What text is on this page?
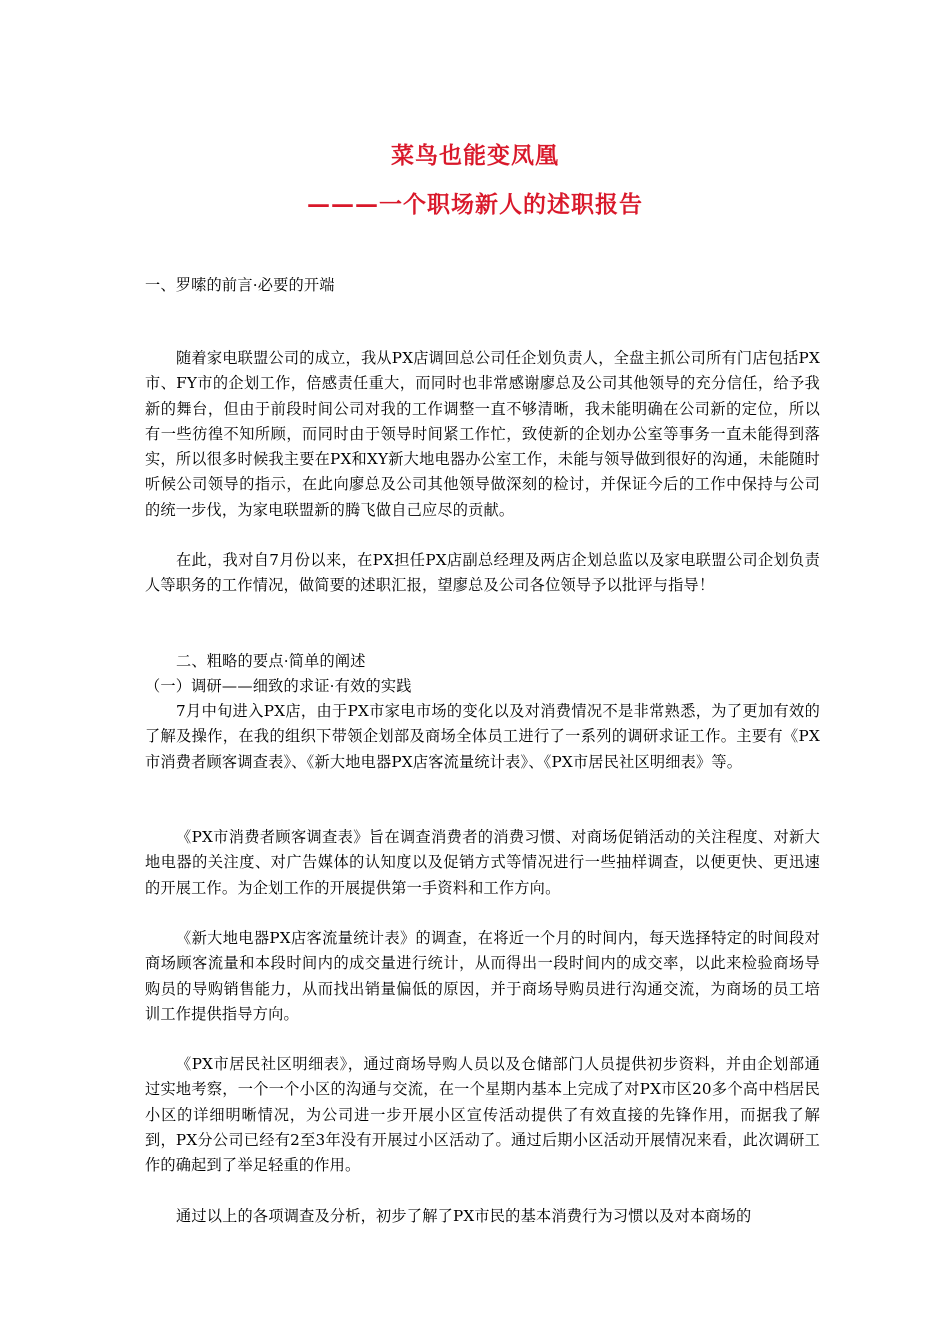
菜鸟也能变凤凰
———一个职场新人的述职报告

一、罗嗦的前言·必要的开端

随着家电联盟公司的成立，我从PX店调回总公司任企划负责人，全盘主抓公司所有门店包括PX市、FY市的企划工作，倍感责任重大，而同时也非常感谢廖总及公司其他领导的充分信任，给予我新的舞台，但由于前段时间公司对我的工作调整一直不够清晰，我未能明确在公司新的定位，所以有一些彷徨不知所顾，而同时由于领导时间紧工作忙，致使新的企划办公室等事务一直未能得到落实，所以很多时候我主要在PX和XY新大地电器办公室工作，未能与领导做到很好的沟通，未能随时听候公司领导的指示，在此向廖总及公司其他领导做深刻的检讨，并保证今后的工作中保持与公司的统一步伐，为家电联盟新的腾飞做自己应尽的贡献。

在此，我对自7月份以来，在PX担任PX店副总经理及两店企划总监以及家电联盟公司企划负责人等职务的工作情况，做简要的述职汇报，望廖总及公司各位领导予以批评与指导！

二、粗略的要点·简单的阐述

（一）调研——细致的求证·有效的实践

7月中旬进入PX店，由于PX市家电市场的变化以及对消费情况不是非常熟悉，为了更加有效的了解及操作，在我的组织下带领企划部及商场全体员工进行了一系列的调研求证工作。主要有《PX市消费者顾客调查表》、《新大地电器PX店客流量统计表》、《PX市居民社区明细表》等。

《PX市消费者顾客调查表》旨在调查消费者的消费习惯、对商场促销活动的关注程度、对新大地电器的关注度、对广告媒体的认知度以及促销方式等情况进行一些抽样调查，以便更快、更迅速的开展工作。为企划工作的开展提供第一手资料和工作方向。

《新大地电器PX店客流量统计表》的调查，在将近一个月的时间内，每天选择特定的时间段对商场顾客流量和本段时间内的成交量进行统计，从而得出一段时间内的成交率，以此来检验商场导购员的导购销售能力，从而找出销量偏低的原因，并于商场导购员进行沟通交流，为商场的员工培训工作提供指导方向。

《PX市居民社区明细表》，通过商场导购人员以及仓储部门人员提供初步资料，并由企划部通过实地考察，一个一个小区的沟通与交流，在一个星期内基本上完成了对PX市区20多个高中档居民小区的详细明晰情况，为公司进一步开展小区宣传活动提供了有效直接的先锋作用，而据我了解到，PX分公司已经有2至3年没有开展过小区活动了。通过后期小区活动开展情况来看，此次调研工作的确起到了举足轻重的作用。

通过以上的各项调查及分析，初步了解了PX市民的基本消费行为习惯以及对本商场的
